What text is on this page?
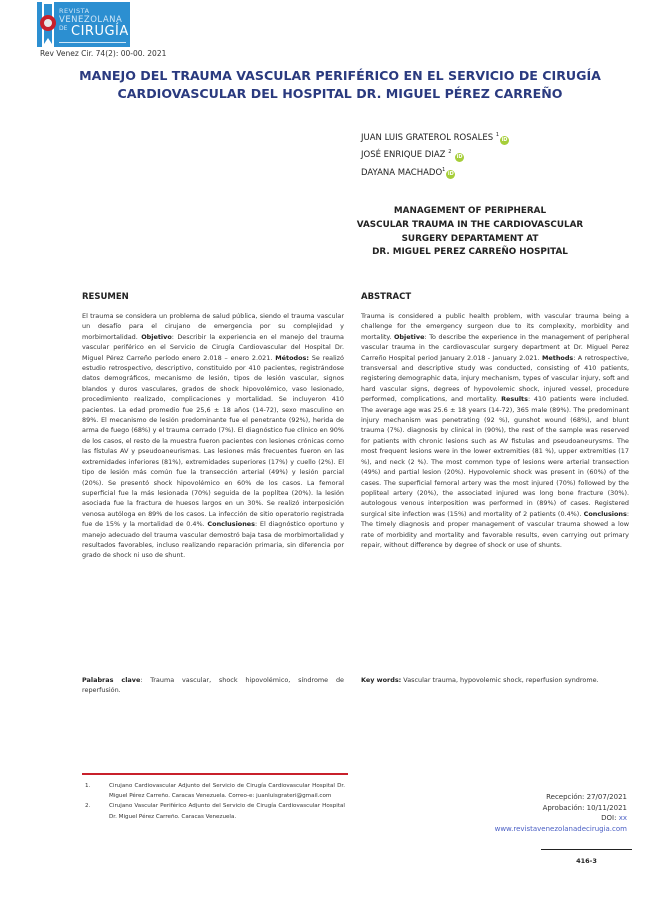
REVISTA
VENEZOLANA
DE CIRUGÍA
Rev Venez Cir. 74(2): 00-00. 2021
MANEJO DEL TRAUMA VASCULAR PERIFÉRICO EN EL SERVICIO DE CIRUGÍA
CARDIOVASCULAR DEL HOSPITAL DR. MIGUEL PÉREZ CARREÑO
JUAN LUIS GRATEROL ROSALES $^1$iD
JOSÉ ENRIQUE DIAZ $^2$ iD
DAYANA MACHADO$^1$iD
MANAGEMENT OF PERIPHERAL
VASCULAR TRAUMA IN THE CARDIOVASCULAR
SURGERY DEPARTAMENT AT
DR. MIGUEL PEREZ CARREÑO HOSPITAL
RESUMEN	ABSTRACT
El trauma se considera un problema de salud pública, siendo el trauma vascular un desafío para el cirujano de emergencia por su complejidad y morbimortalidad. Objetivo: Describir la experiencia en el manejo del trauma vascular periférico en el Servicio de Cirugía Cardiovascular del Hospital Dr. Miguel Pérez Carreño período enero 2.018 – enero 2.021. Métodos: Se realizó estudio retrospectivo, descriptivo, constituido por 410 pacientes, registrándose datos demográficos, mecanismo de lesión, tipos de lesión vascular, signos blandos y duros vasculares, grados de shock hipovolémico, vaso lesionado, procedimiento realizado, complicaciones y mortalidad. Se incluyeron 410 pacientes. La edad promedio fue 25,6 ± 18 años (14-72), sexo masculino en 89%. El mecanismo de lesión predominante fue el penetrante (92%), herida de arma de fuego (68%) y el trauma cerrado (7%). El diagnóstico fue clínico en 90% de los casos, el resto de la muestra fueron pacientes con lesiones crónicas como las fístulas AV y pseudoaneurismas. Las lesiones más frecuentes fueron en las extremidades inferiores (81%), extremidades superiores (17%) y cuello (2%). El tipo de lesión más común fue la transección arterial (49%) y lesión parcial (20%). Se presentó shock hipovolémico en 60% de los casos. La femoral superficial fue la más lesionada (70%) seguida de la poplítea (20%). la lesión asociada fue la fractura de huesos largos en un 30%. Se realizó interposición venosa autóloga en 89% de los casos. La infección de sitio operatorio registrada fue de 15% y la mortalidad de 0.4%. Conclusiones: El diagnóstico oportuno y manejo adecuado del trauma vascular demostró baja tasa de morbimortalidad y resultados favorables, incluso realizando reparación primaria, sin diferencia por grado de shock ni uso de shunt.
Trauma is considered a public health problem, with vascular trauma being a challenge for the emergency surgeon due to its complexity, morbidity and mortality. Objetive: To describe the experience in the management of peripheral vascular trauma in the cardiovascular surgery department at Dr. Miguel Perez Carreño Hospital period January 2.018 - January 2.021. Methods: A retrospective, transversal and descriptive study was conducted, consisting of 410 patients, registering demographic data, injury mechanism, types of vascular injury, soft and hard vascular signs, degrees of hypovolemic shock, injured vessel, procedure performed, complications, and mortality. Results: 410 patients were included. The average age was 25.6 ± 18 years (14-72), 365 male (89%). The predominant injury mechanism was penetrating (92 %), gunshot wound (68%), and blunt trauma (7%). diagnosis by clinical in (90%), the rest of the sample was reserved for patients with chronic lesions such as AV fistulas and pseudoaneurysms. The most frequent lesions were in the lower extremities (81 %), upper extremities (17 %), and neck (2 %). The most common type of lesions were arterial transection (49%) and partial lesion (20%). Hypovolemic shock was present in (60%) of the cases. The superficial femoral artery was the most injured (70%) followed by the popliteal artery (20%), the associated injured was long bone fracture (30%). autologous venous interposition was performed in (89%) of cases. Registered surgical site infection was (15%) and mortality of 2 patients (0.4%). Conclusions: The timely diagnosis and proper management of vascular trauma showed a low rate of morbidity and mortality and favorable results, even carrying out primary repair, without difference by degree of shock or use of shunts.
Palabras clave: Trauma vascular, shock hipovolémico, síndrome de reperfusión.
Key words: Vascular trauma, hypovolemic shock, reperfusion syndrome.
1.	Cirujano Cardiovascular Adjunto del Servicio de Cirugía Cardiovascular Hospital Dr. Miguel Pérez Carreño. Caracas Venezuela. Correo-e: juanluisgrateri@gmail.com
2.	Cirujano Vascular Periférico Adjunto del Servicio de Cirugía Cardiovascular Hospital Dr. Miguel Pérez Carreño. Caracas Venezuela.
Recepción: 27/07/2021
Aprobación: 10/11/2021
DOI: xx
www.revistavenezolanadecirugia.com
416-3
